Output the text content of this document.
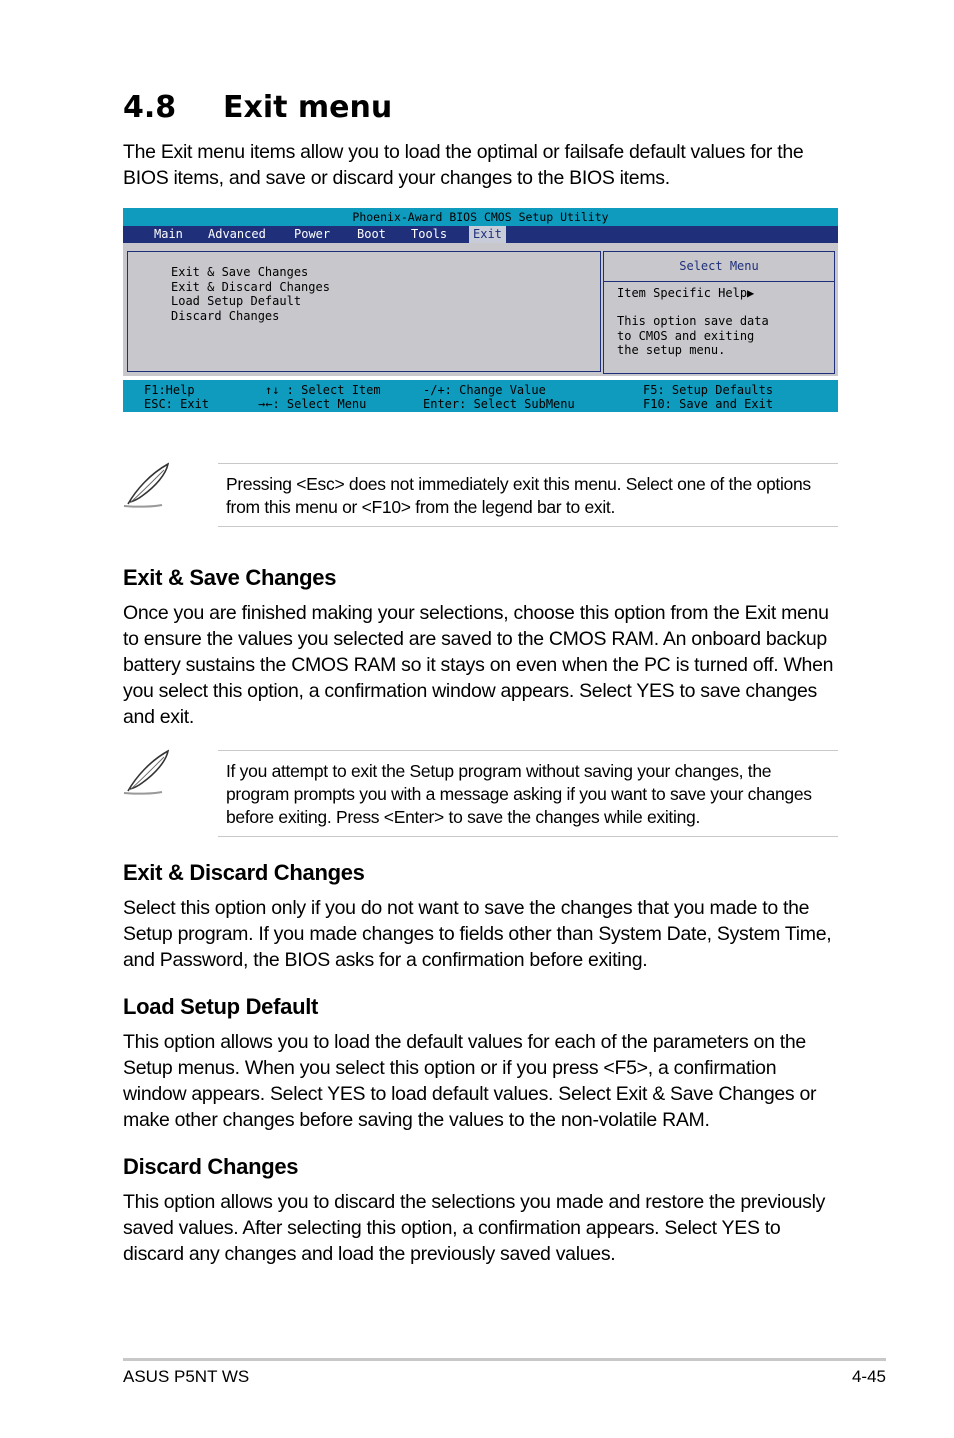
4.8 Exit menu

The Exit menu items allow you to load the optimal or failsafe default values for the BIOS items, and save or discard your changes to the BIOS items.

Phoenix-Award BIOS CMOS Setup Utility
Main Advanced Power Boot Tools	Exit
Exit & Save Changes
Exit & Discard Changes
Load Setup Default
Discard Changes
Select Menu
Item Specific Help▶
This option save data
to CMOS and exiting
the setup menu.
F1:Help
ESC: Exit
↑↓ : Select Item
→←: Select Menu
-/+: Change Value
Enter: Select SubMenu
F5: Setup Defaults
F10: Save and Exit
Pressing <Esc> does not immediately exit this menu. Select one of the options from this menu or <F10> from the legend bar to exit.
Exit & Save Changes

Once you are finished making your selections, choose this option from the Exit menu to ensure the values you selected are saved to the CMOS RAM. An onboard backup battery sustains the CMOS RAM so it stays on even when the PC is turned off. When you select this option, a confirmation window appears. Select YES to save changes and exit.

If you attempt to exit the Setup program without saving your changes, the program prompts you with a message asking if you want to save your changes before exiting. Press <Enter> to save the changes while exiting.
Exit & Discard Changes

Select this option only if you do not want to save the changes that you made to the Setup program. If you made changes to fields other than System Date, System Time, and Password, the BIOS asks for a confirmation before exiting.

Load Setup Default

This option allows you to load the default values for each of the parameters on the Setup menus. When you select this option or if you press <F5>, a confirmation window appears. Select YES to load default values. Select Exit & Save Changes or make other changes before saving the values to the non-volatile RAM.

Discard Changes

This option allows you to discard the selections you made and restore the previously saved values. After selecting this option, a confirmation appears. Select YES to discard any changes and load the previously saved values.

ASUS P5NT WS	4-45
